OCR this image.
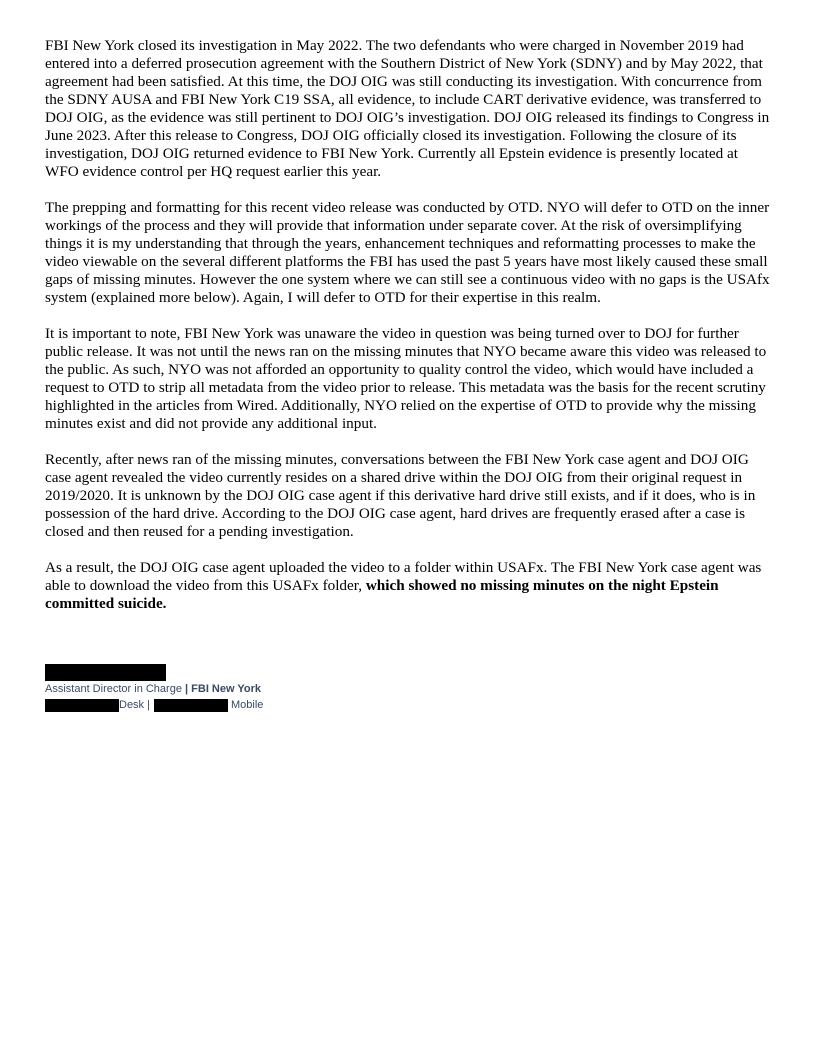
FBI New York closed its investigation in May 2022. The two defendants who were charged in November 2019 had entered into a deferred prosecution agreement with the Southern District of New York (SDNY) and by May 2022, that agreement had been satisfied. At this time, the DOJ OIG was still conducting its investigation. With concurrence from the SDNY AUSA and FBI New York C19 SSA, all evidence, to include CART derivative evidence, was transferred to DOJ OIG, as the evidence was still pertinent to DOJ OIG’s investigation. DOJ OIG released its findings to Congress in June 2023. After this release to Congress, DOJ OIG officially closed its investigation. Following the closure of its investigation, DOJ OIG returned evidence to FBI New York. Currently all Epstein evidence is presently located at WFO evidence control per HQ request earlier this year.

The prepping and formatting for this recent video release was conducted by OTD. NYO will defer to OTD on the inner workings of the process and they will provide that information under separate cover. At the risk of oversimplifying things it is my understanding that through the years, enhancement techniques and reformatting processes to make the video viewable on the several different platforms the FBI has used the past 5 years have most likely caused these small gaps of missing minutes. However the one system where we can still see a continuous video with no gaps is the USAfx system (explained more below). Again, I will defer to OTD for their expertise in this realm.

It is important to note, FBI New York was unaware the video in question was being turned over to DOJ for further public release. It was not until the news ran on the missing minutes that NYO became aware this video was released to the public. As such, NYO was not afforded an opportunity to quality control the video, which would have included a request to OTD to strip all metadata from the video prior to release. This metadata was the basis for the recent scrutiny highlighted in the articles from Wired. Additionally, NYO relied on the expertise of OTD to provide why the missing minutes exist and did not provide any additional input.

Recently, after news ran of the missing minutes, conversations between the FBI New York case agent and DOJ OIG case agent revealed the video currently resides on a shared drive within the DOJ OIG from their original request in 2019/2020. It is unknown by the DOJ OIG case agent if this derivative hard drive still exists, and if it does, who is in possession of the hard drive. According to the DOJ OIG case agent, hard drives are frequently erased after a case is closed and then reused for a pending investigation.

As a result, the DOJ OIG case agent uploaded the video to a folder within USAFx. The FBI New York case agent was able to download the video from this USAFx folder, which showed no missing minutes on the night Epstein committed suicide.

Assistant Director in Charge | FBI New York
Desk |	Mobile
